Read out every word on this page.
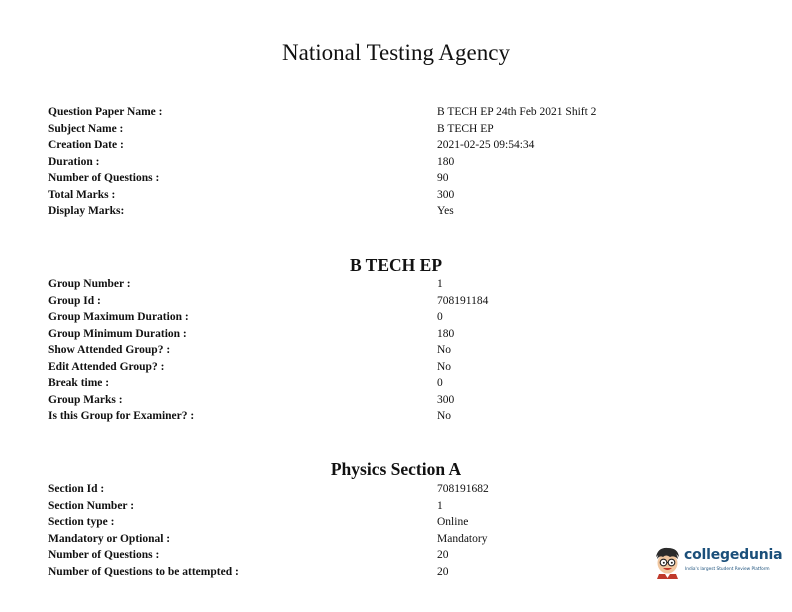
National Testing Agency
Question Paper Name :	B TECH EP 24th Feb 2021 Shift 2
Subject Name :	B TECH EP
Creation Date :	2021-02-25 09:54:34
Duration :	180
Number of Questions :	90
Total Marks :	300
Display Marks:	Yes
B TECH EP
Group Number :	1
Group Id :	708191184
Group Maximum Duration :	0
Group Minimum Duration :	180
Show Attended Group? :	No
Edit Attended Group? :	No
Break time :	0
Group Marks :	300
Is this Group for Examiner? :	No
Physics Section A
Section Id :	708191682
Section Number :	1
Section type :	Online
Mandatory or Optional :	Mandatory
Number of Questions :	20
Number of Questions to be attempted :	20
collegedunia
India's largest Student Review Platform
